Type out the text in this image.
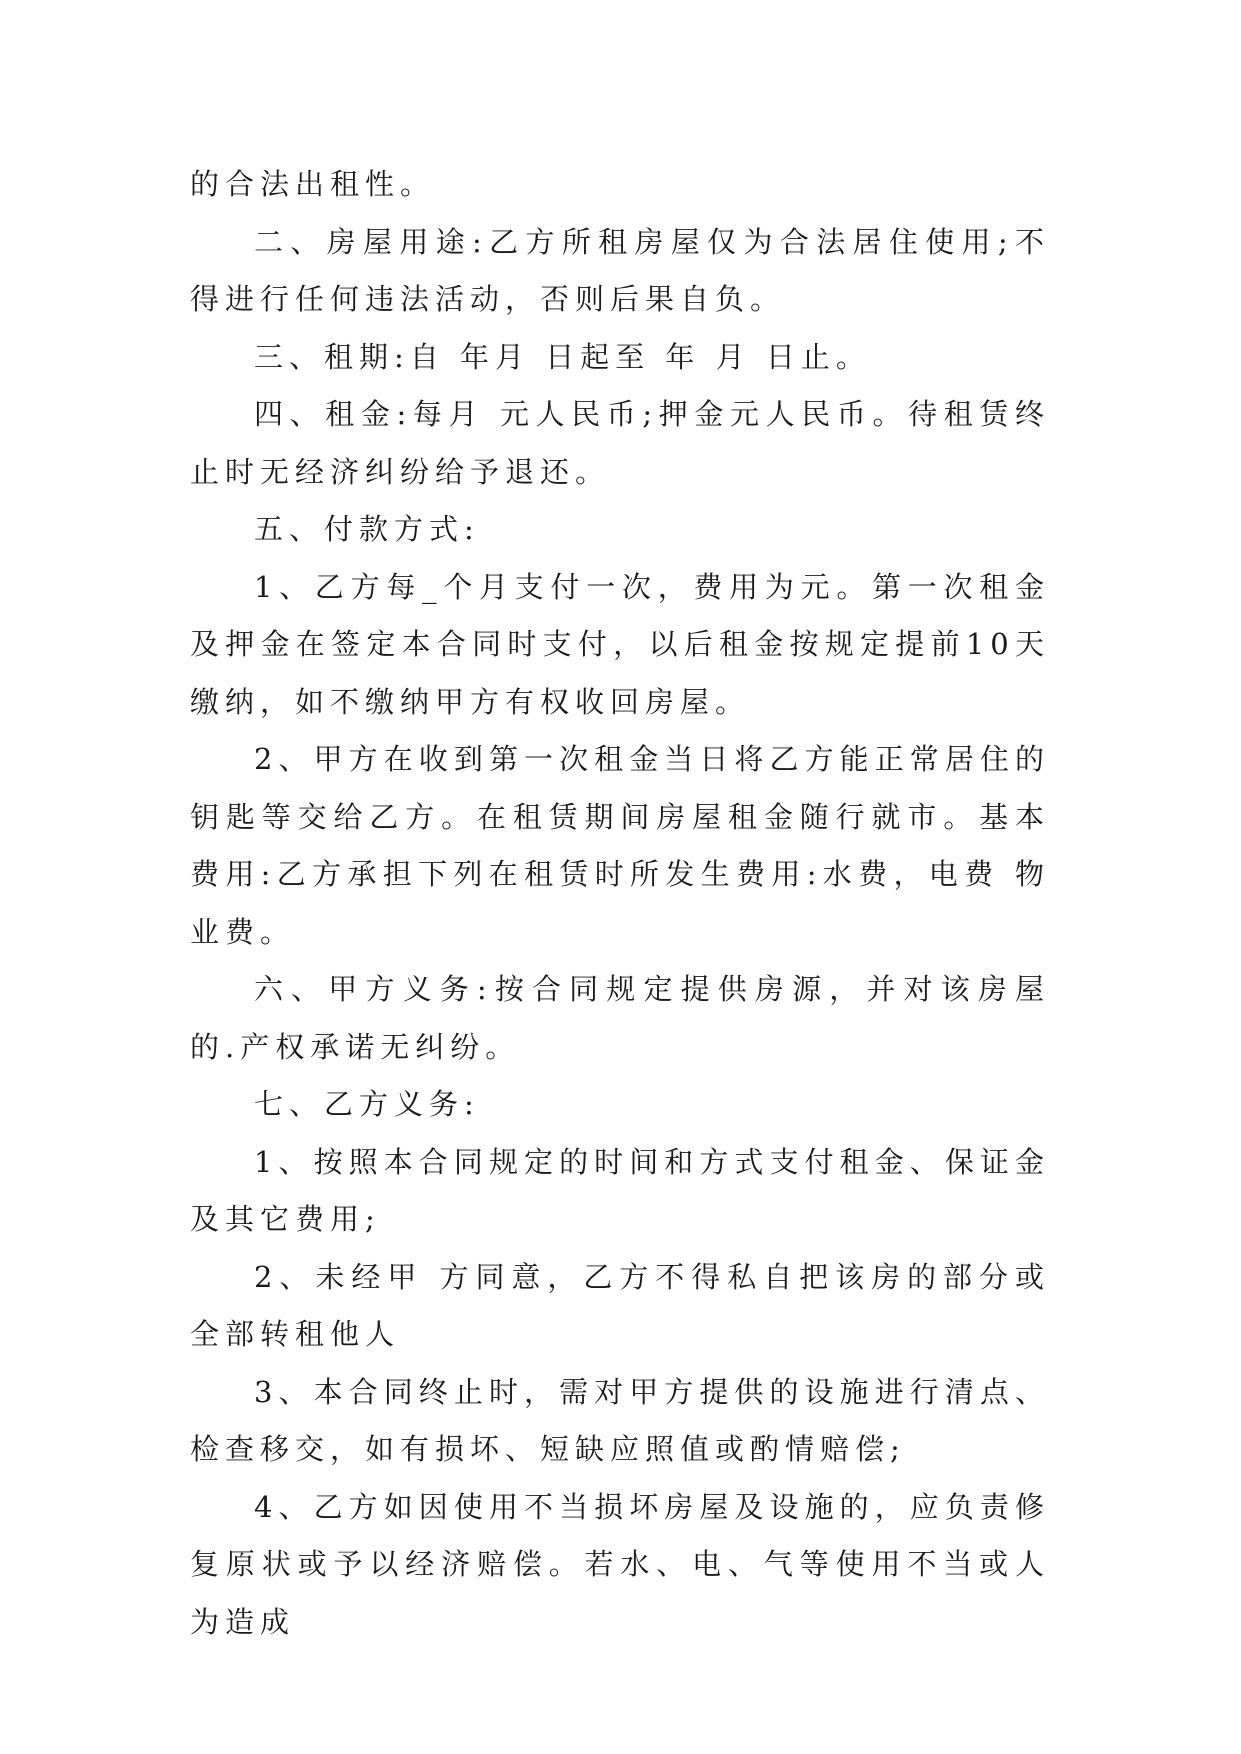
的合法出租性。

二、房屋用途:乙方所租房屋仅为合法居住使用;不得进行任何违法活动，否则后果自负。

三、租期:自 年月 日起至 年 月 日止。

四、租金:每月 元人民币;押金元人民币。待租赁终止时无经济纠纷给予退还。

五、付款方式:

1、乙方每_个月支付一次，费用为元。第一次租金及押金在签定本合同时支付，以后租金按规定提前10天缴纳，如不缴纳甲方有权收回房屋。

2、甲方在收到第一次租金当日将乙方能正常居住的钥匙等交给乙方。在租赁期间房屋租金随行就市。基本费用:乙方承担下列在租赁时所发生费用:水费，电费 物业费。

六、甲方义务:按合同规定提供房源，并对该房屋的.产权承诺无纠纷。

七、乙方义务:

1、按照本合同规定的时间和方式支付租金、保证金及其它费用;

2、未经甲 方同意，乙方不得私自把该房的部分或全部转租他人

3、本合同终止时，需对甲方提供的设施进行清点、检查移交，如有损坏、短缺应照值或酌情赔偿;

4、乙方如因使用不当损坏房屋及设施的，应负责修复原状或予以经济赔偿。若水、电、气等使用不当或人为造成
